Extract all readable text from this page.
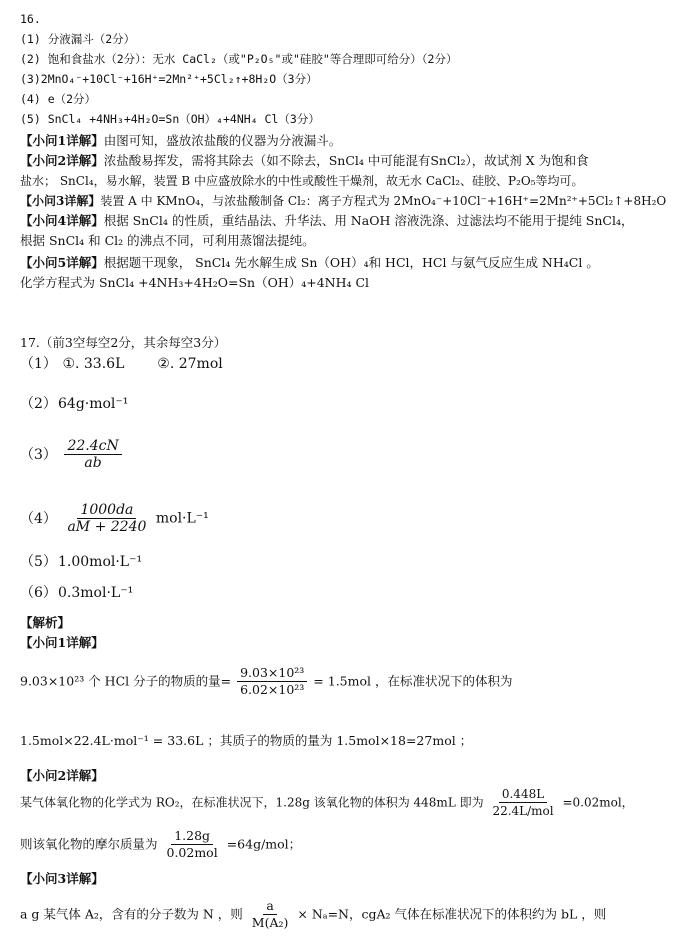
16.
(1) 分液漏斗（2分）
(2) 饱和食盐水（2分）：无水 CaCl₂（或"P₂O₅"或"硅胶"等合理即可给分）（2分）
(3)2MnO₄⁻+10Cl⁻+16H⁺=2Mn²⁺+5Cl₂↑+8H₂O（3分）
(4) e（2分）
(5) SnCl₄ +4NH₃+4H₂O=Sn（OH）₄+4NH₄ Cl（3分）
【小问1详解】由图可知，盛放浓盐酸的仪器为分液漏斗。
【小问2详解】浓盐酸易挥发，需将其除去（如不除去，SnCl₄ 中可能混有SnCl₂），故试剂 X 为饱和食
盐水； SnCl₄，易水解，装置 B 中应盛放除水的中性或酸性干燥剂，故无水 CaCl₂、硅胶、P₂O₅等均可。
【小问3详解】装置 A 中 KMnO₄，与浓盐酸制备 Cl₂：离子方程式为 2MnO₄⁻+10Cl⁻+16H⁺=2Mn²⁺+5Cl₂↑+8H₂O
【小问4详解】根据 SnCl₄ 的性质，重结晶法、升华法、用 NaOH 溶液洗涤、过滤法均不能用于提纯 SnCl₄，
根据 SnCl₄ 和 Cl₂ 的沸点不同，可利用蒸馏法提纯。
【小问5详解】根据题干现象， SnCl₄ 先水解生成 Sn（OH）₄和 HCl，HCl 与氨气反应生成 NH₄Cl 。
化学方程式为 SnCl₄ +4NH₃+4H₂O=Sn（OH）₄+4NH₄ Cl
17.（前3空每空2分，其余每空3分）
（1） ①. 33.6L ②. 27mol
（2）64g·mol⁻¹
$(3) \frac{22.4cN}{ab}$
$(4) \frac{1000da}{aM + 2240} mol\cdot L^{-1}$
（5）1.00mol·L⁻¹
（6）0.3mol·L⁻¹
【解析】
【小问1详解】
9.03×10²³ 个 HCl 分子的物质的量= $\frac{\text{9.03×10²³}}{\text{6.02×10²³}} = 1.5mol$ ，在标准状况下的体积为
1.5mol×22.4L·mol⁻¹ = 33.6L ；其质子的物质的量为 1.5mol×18=27mol ；
【小问2详解】
某气体氧化物的化学式为 RO₂，在标准状况下，1.28g 该氧化物的体积为 448mL 即为 $\frac{0.448L}{\text{22.4L/mol}} =0.02mol$，
则该氧化物的摩尔质量为 $\frac{1.28g}{\text{0.02mol}} =64g/mol$；
【小问3详解】
a g 某气体 A₂，含有的分子数为 N ，则 $\frac{a}{\text{M(A₂)}} \times N_a=N$，cgA₂ 气体在标准状况下的体积约为 bL ，则
